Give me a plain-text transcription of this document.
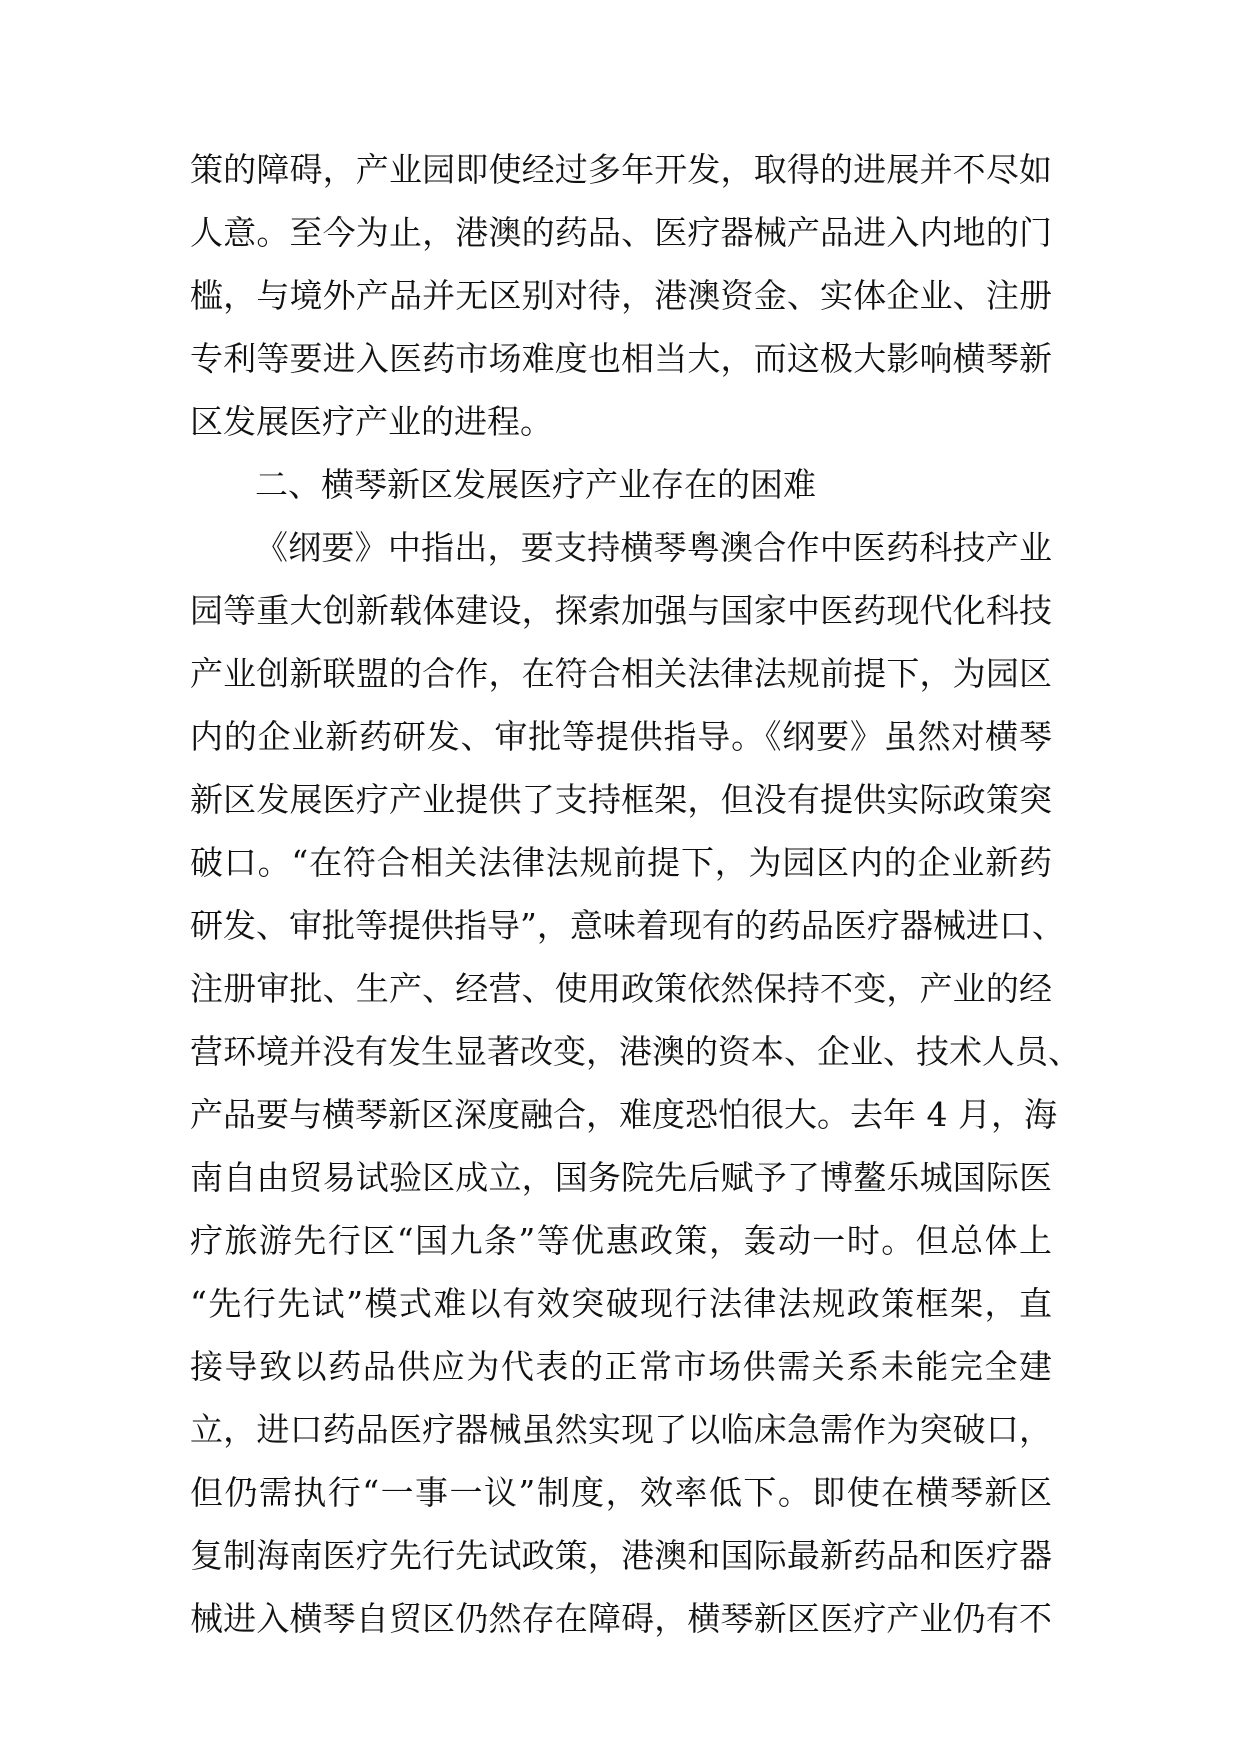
策的障碍，产业园即使经过多年开发，取得的进展并不尽如
人意。至今为止，港澳的药品、医疗器械产品进入内地的门
槛，与境外产品并无区别对待，港澳资金、实体企业、注册
专利等要进入医药市场难度也相当大，而这极大影响横琴新
区发展医疗产业的进程。
二、横琴新区发展医疗产业存在的困难
《纲要》中指出，要支持横琴粤澳合作中医药科技产业
园等重大创新载体建设，探索加强与国家中医药现代化科技
产业创新联盟的合作，在符合相关法律法规前提下，为园区
内的企业新药研发、审批等提供指导。《纲要》虽然对横琴
新区发展医疗产业提供了支持框架，但没有提供实际政策突
破口。“在符合相关法律法规前提下，为园区内的企业新药
研发、审批等提供指导”，意味着现有的药品医疗器械进口、
注册审批、生产、经营、使用政策依然保持不变，产业的经
营环境并没有发生显著改变，港澳的资本、企业、技术人员、
产品要与横琴新区深度融合，难度恐怕很大。去年 4 月，海
南自由贸易试验区成立，国务院先后赋予了博鳌乐城国际医
疗旅游先行区“国九条”等优惠政策，轰动一时。但总体上
“先行先试”模式难以有效突破现行法律法规政策框架，直
接导致以药品供应为代表的正常市场供需关系未能完全建
立，进口药品医疗器械虽然实现了以临床急需作为突破口，
但仍需执行“一事一议”制度，效率低下。即使在横琴新区
复制海南医疗先行先试政策，港澳和国际最新药品和医疗器
械进入横琴自贸区仍然存在障碍，横琴新区医疗产业仍有不
